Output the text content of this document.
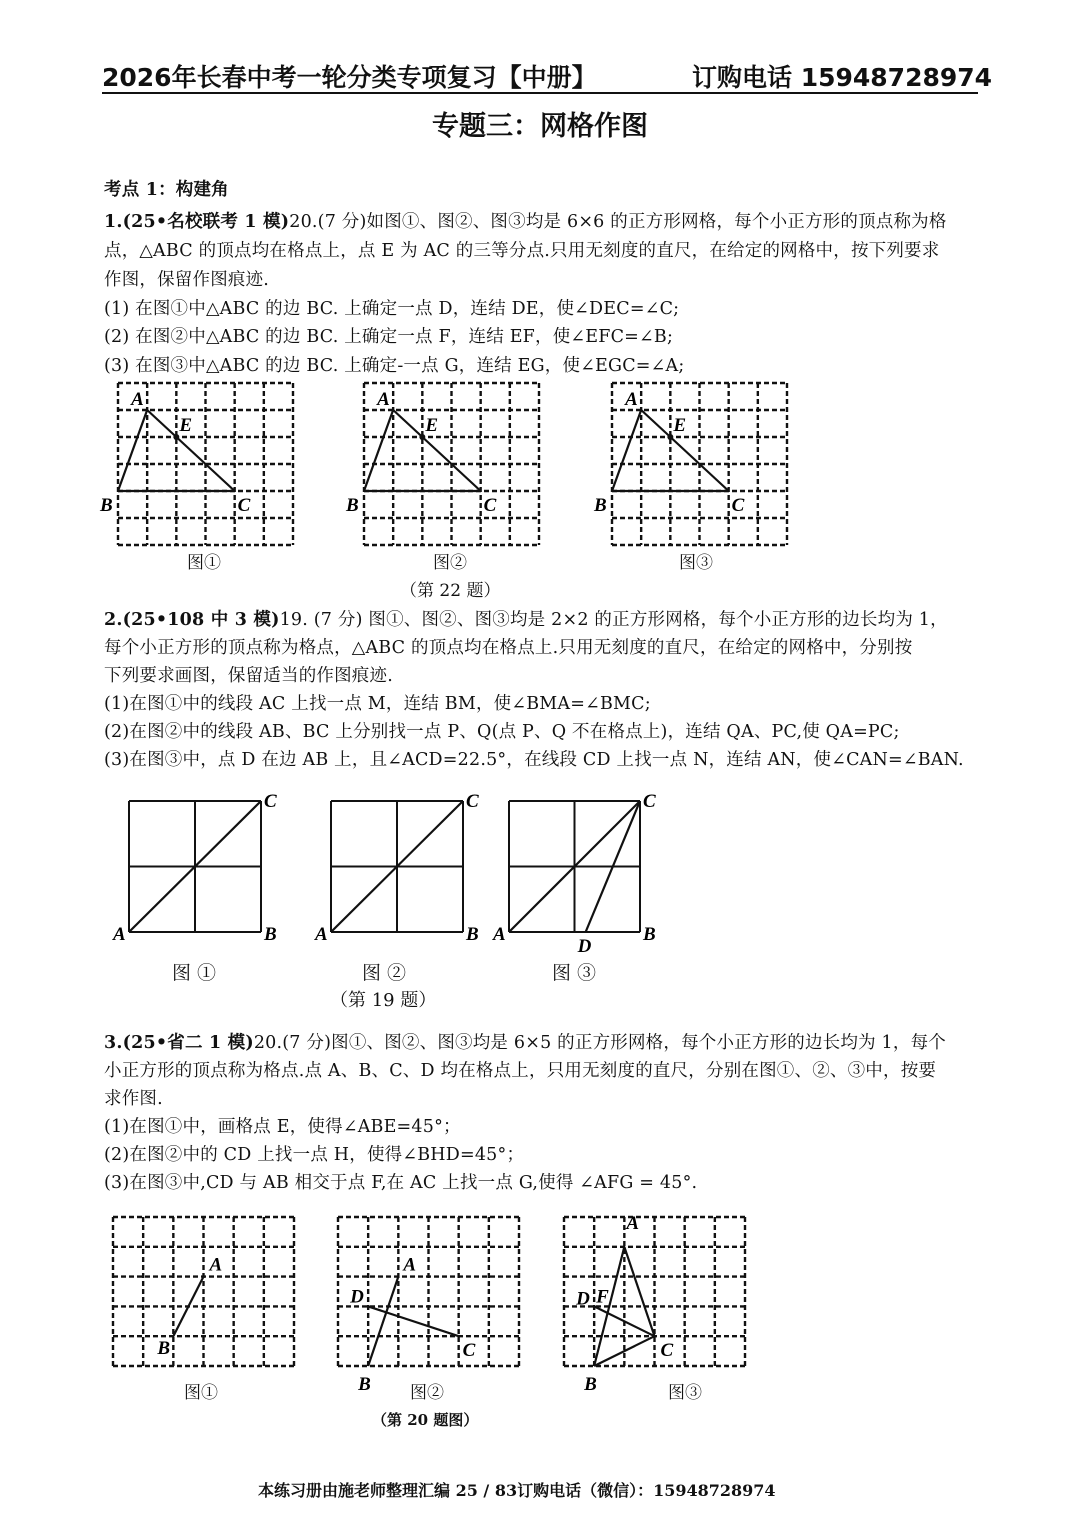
2026年长春中考一轮分类专项复习【中册】	订购电话 15948728974
专题三：网格作图
考点 1：构建角
1.(25•名校联考 1 模)20.(7 分)如图①、图②、图③均是 6×6 的正方形网格，每个小正方形的顶点称为格
点，△ABC 的顶点均在格点上，点 E 为 AC 的三等分点.只用无刻度的直尺，在给定的网格中，按下列要求
作图，保留作图痕迹.
(1) 在图①中△ABC 的边 BC. 上确定一点 D，连结 DE，使∠DEC=∠C;
(2) 在图②中△ABC 的边 BC. 上确定一点 F，连结 EF，使∠EFC=∠B;
(3) 在图③中△ABC 的边 BC. 上确定-一点 G，连结 EG，使∠EGC=∠A;
A
B	C
E
A
B	C
E
A
B	C
E
图①	图②	图③
（第 22 题）
2.(25•108 中 3 模)19. (7 分) 图①、图②、图③均是 2×2 的正方形网格，每个小正方形的边长均为 1，
每个小正方形的顶点称为格点，△ABC 的顶点均在格点上.只用无刻度的直尺，在给定的网格中，分别按
下列要求画图，保留适当的作图痕迹.
(1)在图①中的线段 AC 上找一点 M，连结 BM，使∠BMA=∠BMC;
(2)在图②中的线段 AB、BC 上分别找一点 P、Q(点 P、Q 不在格点上)，连结 QA、PC,使 QA=PC;
(3)在图③中，点 D 在边 AB 上，且∠ACD=22.5°，在线段 CD 上找一点 N，连结 AN，使∠CAN=∠BAN.
A	B
C
A	B
C
A	B
C
D
图 ①	图 ②	图 ③
（第 19 题）
3.(25•省二 1 模)20.(7 分)图①、图②、图③均是 6×5 的正方形网格，每个小正方形的边长均为 1，每个
小正方形的顶点称为格点.点 A、B、C、D 均在格点上，只用无刻度的直尺，分别在图①、②、③中，按要
求作图.
(1)在图①中，画格点 E，使得∠ABE=45°；
(2)在图②中的 CD 上找一点 H，使得∠BHD=45°；
(3)在图③中,CD 与 AB 相交于点 F,在 AC 上找一点 G,使得 ∠AFG = 45°.
A
B
A
B
C
D
A
B
C
D F
图①	图②	图③
（第 20 题图）
本练习册由施老师整理汇编 25 / 83订购电话（微信）：15948728974
